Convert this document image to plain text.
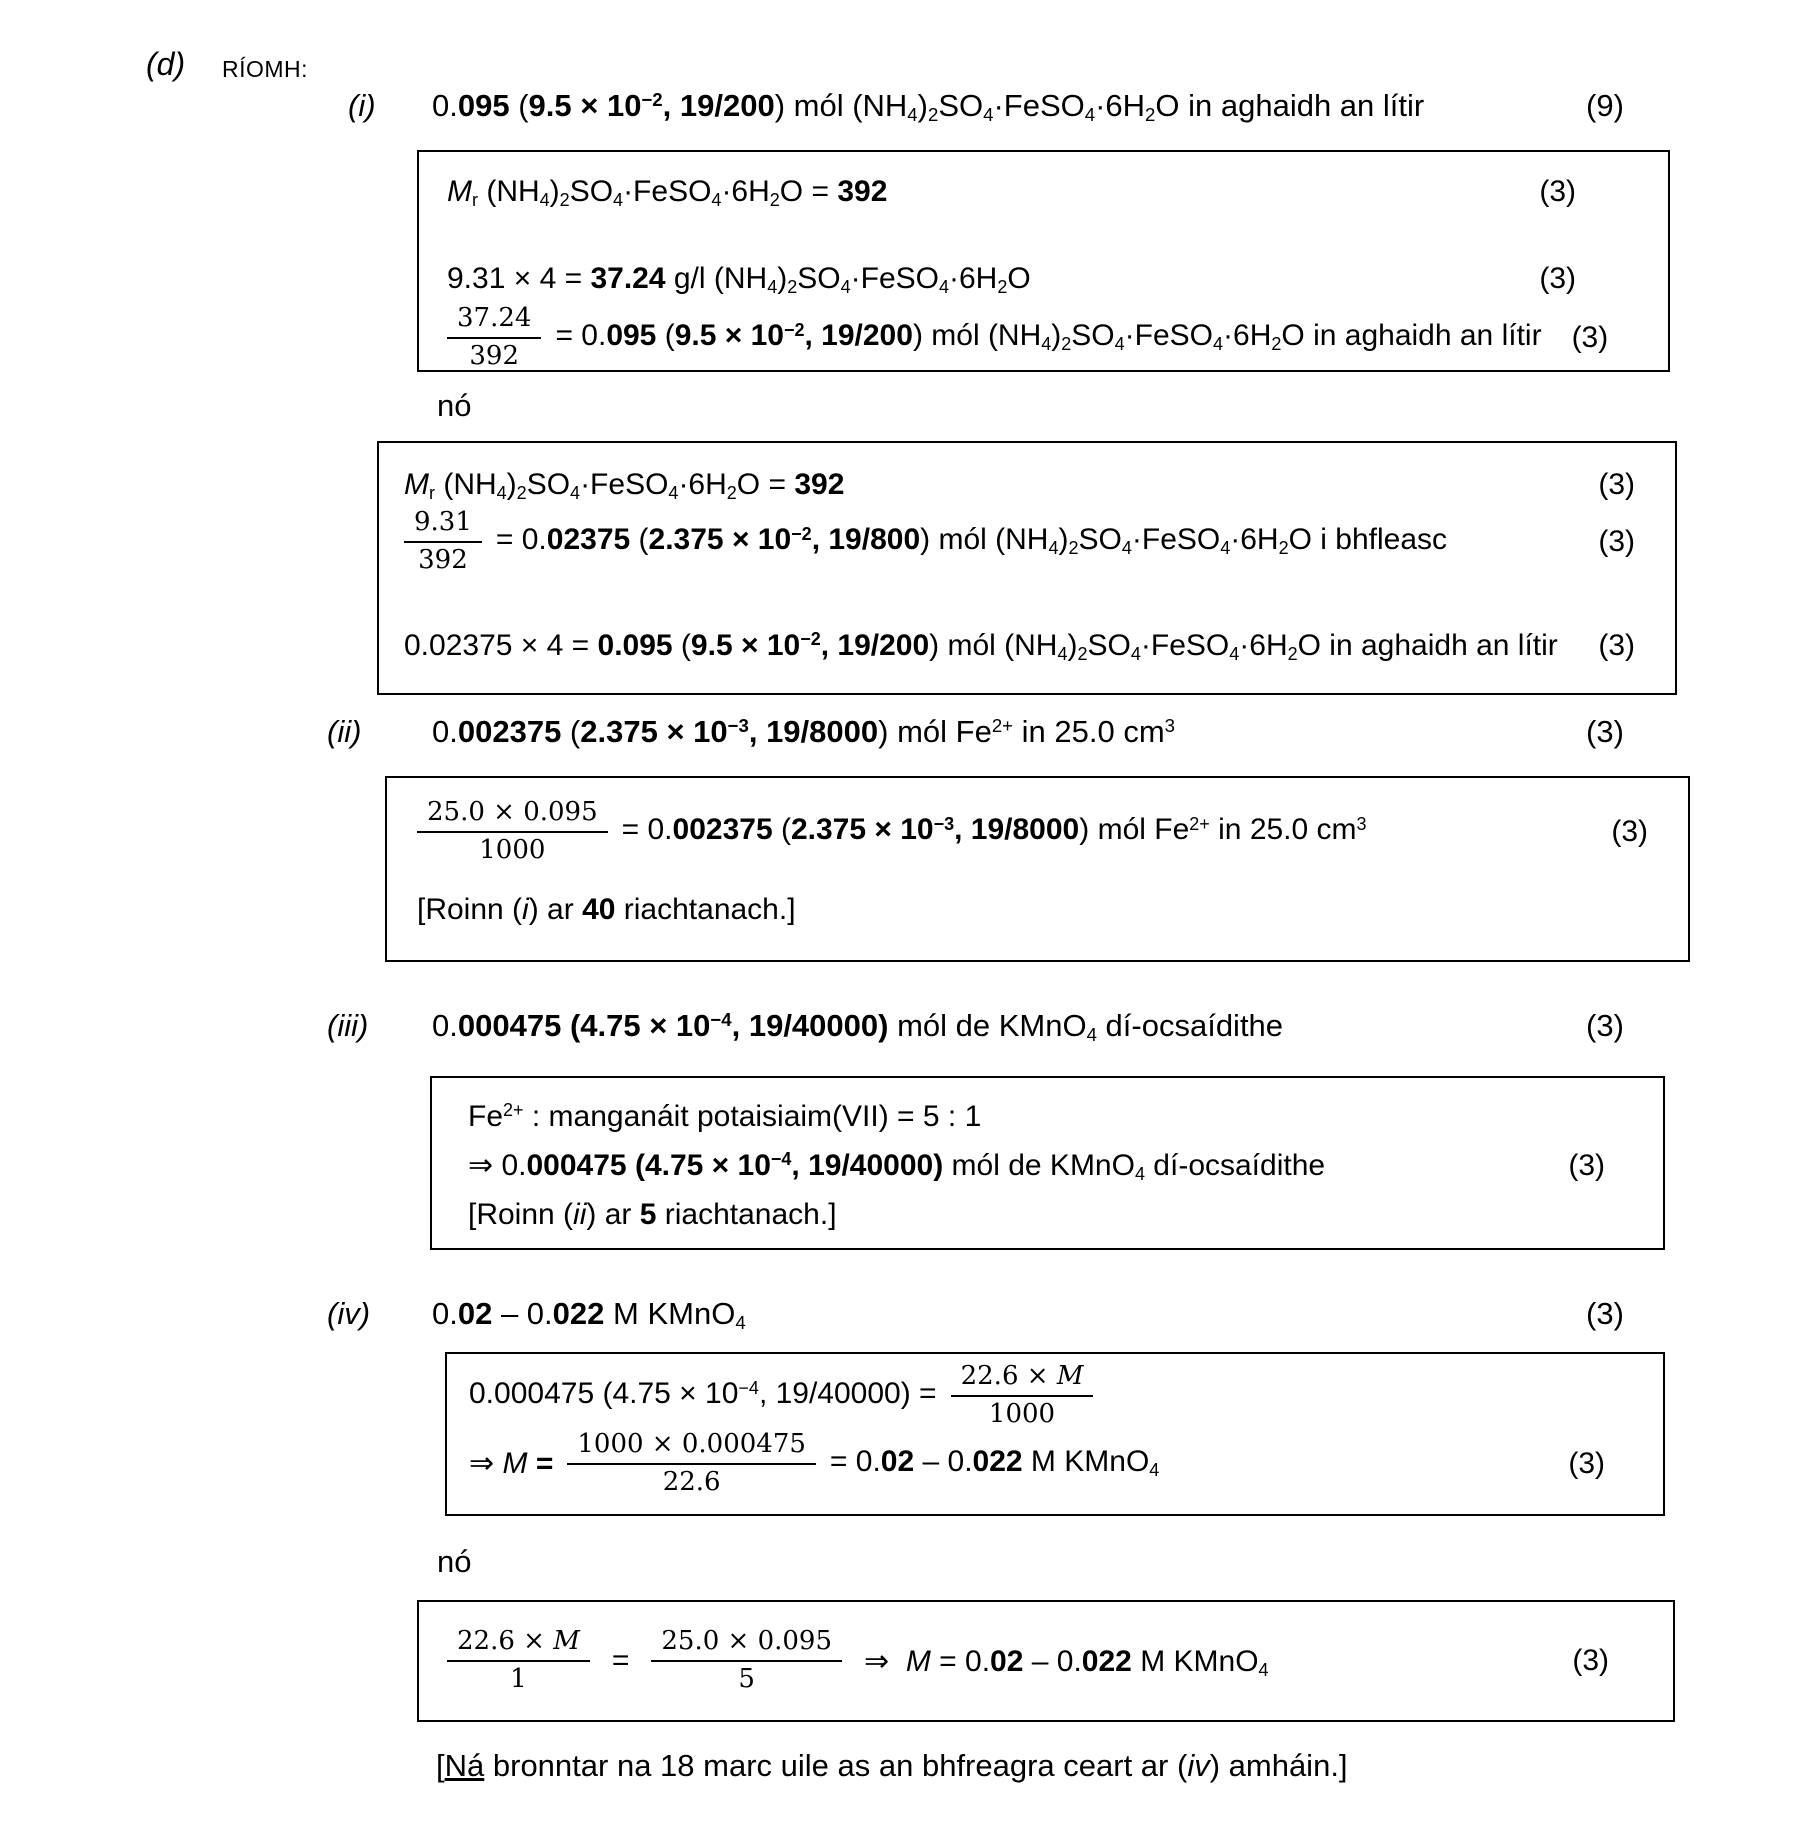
(d) RÍOMH:
(i) 0.095 ($9.5 \times 10^{-2}$, 19/200) mól $(NH_4)_2SO_4\cdot FeSO_4\cdot 6H_2O$ in aghaidh an lítir	(9)
$M_r$ $(NH_4)_2SO_4\cdot FeSO_4\cdot 6H_2O = 392$	(3)
9.31 × 4 = 37.24 g/l $(NH_4)_2SO_4\cdot FeSO_4\cdot 6H_2O$	(3)
$\frac{37.24}{392} = 0.095$ ($9.5 \times 10^{-2}$, 19/200) mól $(NH_4)_2SO_4\cdot FeSO_4\cdot 6H_2O$ in aghaidh an lítir (3)
nó
$M_r$ $(NH_4)_2SO_4\cdot FeSO_4\cdot 6H_2O = 392$	(3)
$\frac{9.31}{392} = 0.02375$ ($2.375 \times 10^{-2}$, 19/800) mól $(NH_4)_2SO_4\cdot FeSO_4\cdot 6H_2O$ i bhfleasc	(3)
0.02375 × 4 = 0.095 ($9.5 \times 10^{-2}$, 19/200) mól $(NH_4)_2SO_4\cdot FeSO_4\cdot 6H_2O$ in aghaidh an lítir (3)
(ii) 0.002375 ($2.375 \times 10^{-3}$, 19/8000) mól $Fe^{2+}$ in 25.0 $cm^3$	(3)
$\frac{25.0 \times 0.095}{1000} = 0.002375$ ($2.375 \times 10^{-3}$, 19/8000) mól $Fe^{2+}$ in 25.0 $cm^3$	(3)
[Roinn (i) ar 40 riachtanach.]
(iii) 0.000475 ($4.75 \times 10^{-4}$, 19/40000) mól de KMnO$_4$ dí-ocsaídithe	(3)
$Fe^{2+}$ : manganáit potaisiaim(VII) = 5 : 1
⇒ 0.000475 ($4.75 \times 10^{-4}$, 19/40000) mól de KMnO$_4$ dí-ocsaídithe	(3)
[Roinn (ii) ar 5 riachtanach.]
(iv) 0.02 – 0.022 M KMnO$_4$	(3)
0.000475 ($4.75 \times 10^{-4}$, $19/40000) = \frac{22.6 \times M}{1000}$
⇒ $M = \frac{1000 \times 0.000475}{22.6} = 0.02 - 0.022$ M KMnO$_4$	(3)
nó
$\frac{22.6 \times M}{1} = \frac{25.0 \times 0.095}{5}$ ⇒  M = 0.02 – 0.022 M KMnO$_4$	(3)
[Ná bronntar na 18 marc uile as an bhfreagra ceart ar (iv) amháin.]
